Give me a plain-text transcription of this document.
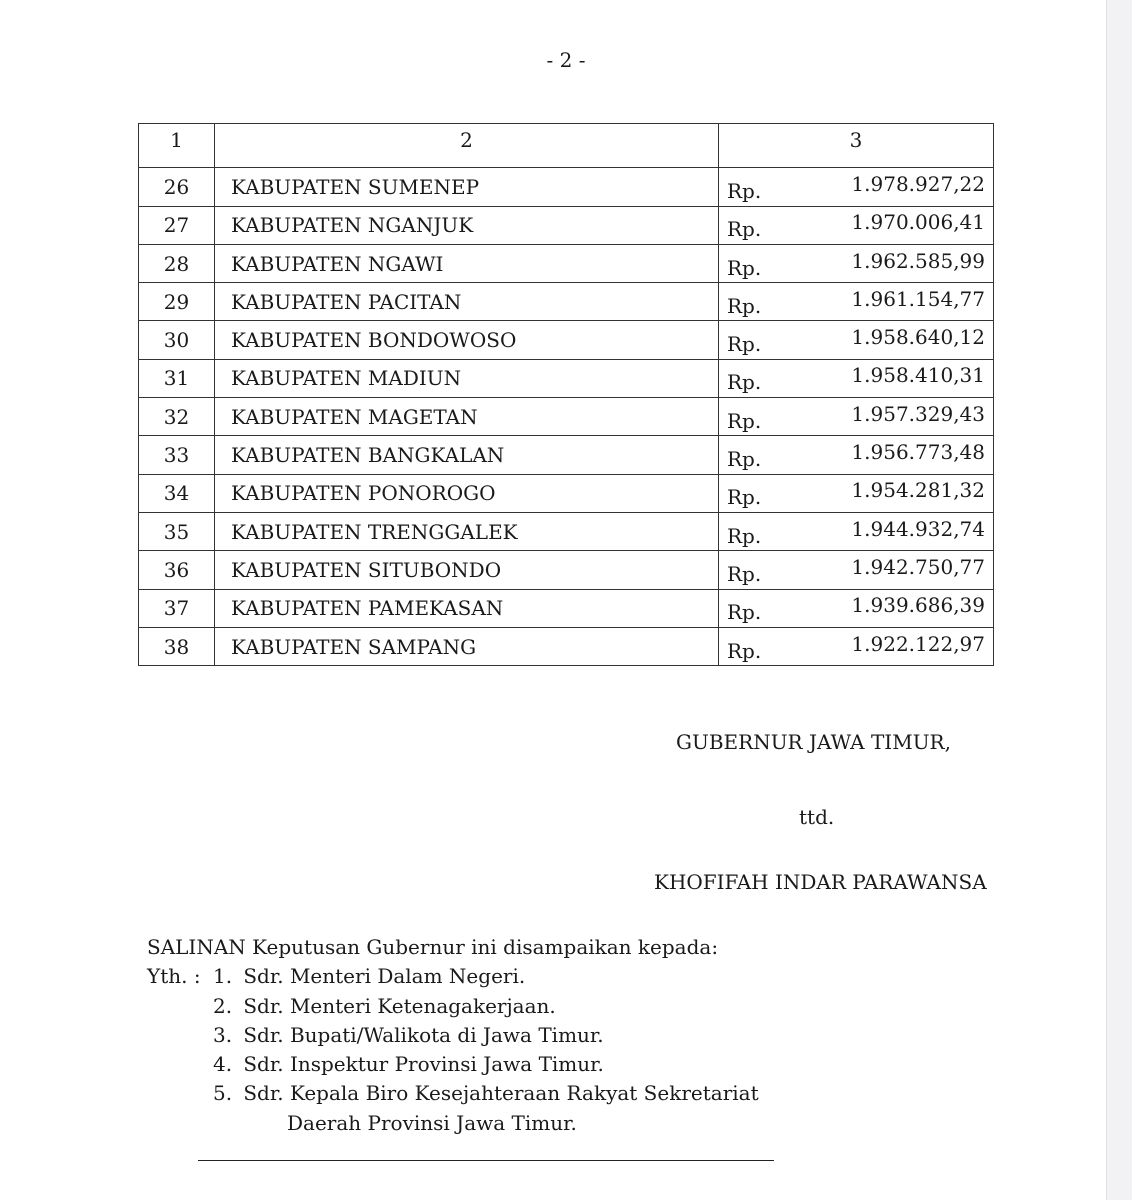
- 2 -
1	2	3
26	KABUPATEN SUMENEP	Rp. 1.978.927,22

27	KABUPATEN NGANJUK	Rp. 1.970.006,41

28	KABUPATEN NGAWI	Rp. 1.962.585,99

29	KABUPATEN PACITAN	Rp. 1.961.154,77

30	KABUPATEN BONDOWOSO	Rp. 1.958.640,12

31	KABUPATEN MADIUN	Rp. 1.958.410,31

32	KABUPATEN MAGETAN	Rp. 1.957.329,43

33	KABUPATEN BANGKALAN	Rp. 1.956.773,48

34	KABUPATEN PONOROGO	Rp. 1.954.281,32

35	KABUPATEN TRENGGALEK	Rp. 1.944.932,74

36	KABUPATEN SITUBONDO	Rp. 1.942.750,77

37	KABUPATEN PAMEKASAN	Rp. 1.939.686,39

38	KABUPATEN SAMPANG	Rp. 1.922.122,97
GUBERNUR JAWA TIMUR,
ttd.
KHOFIFAH INDAR PARAWANSA
SALINAN Keputusan Gubernur ini disampaikan kepada:
Yth. : 1.
Sdr. Menteri Dalam Negeri.
2.
Sdr. Menteri Ketenagakerjaan.
3.
Sdr. Bupati/Walikota di Jawa Timur.
4.
Sdr. Inspektur Provinsi Jawa Timur.
5.
Sdr. Kepala Biro Kesejahteraan Rakyat Sekretariat
Daerah Provinsi Jawa Timur.
